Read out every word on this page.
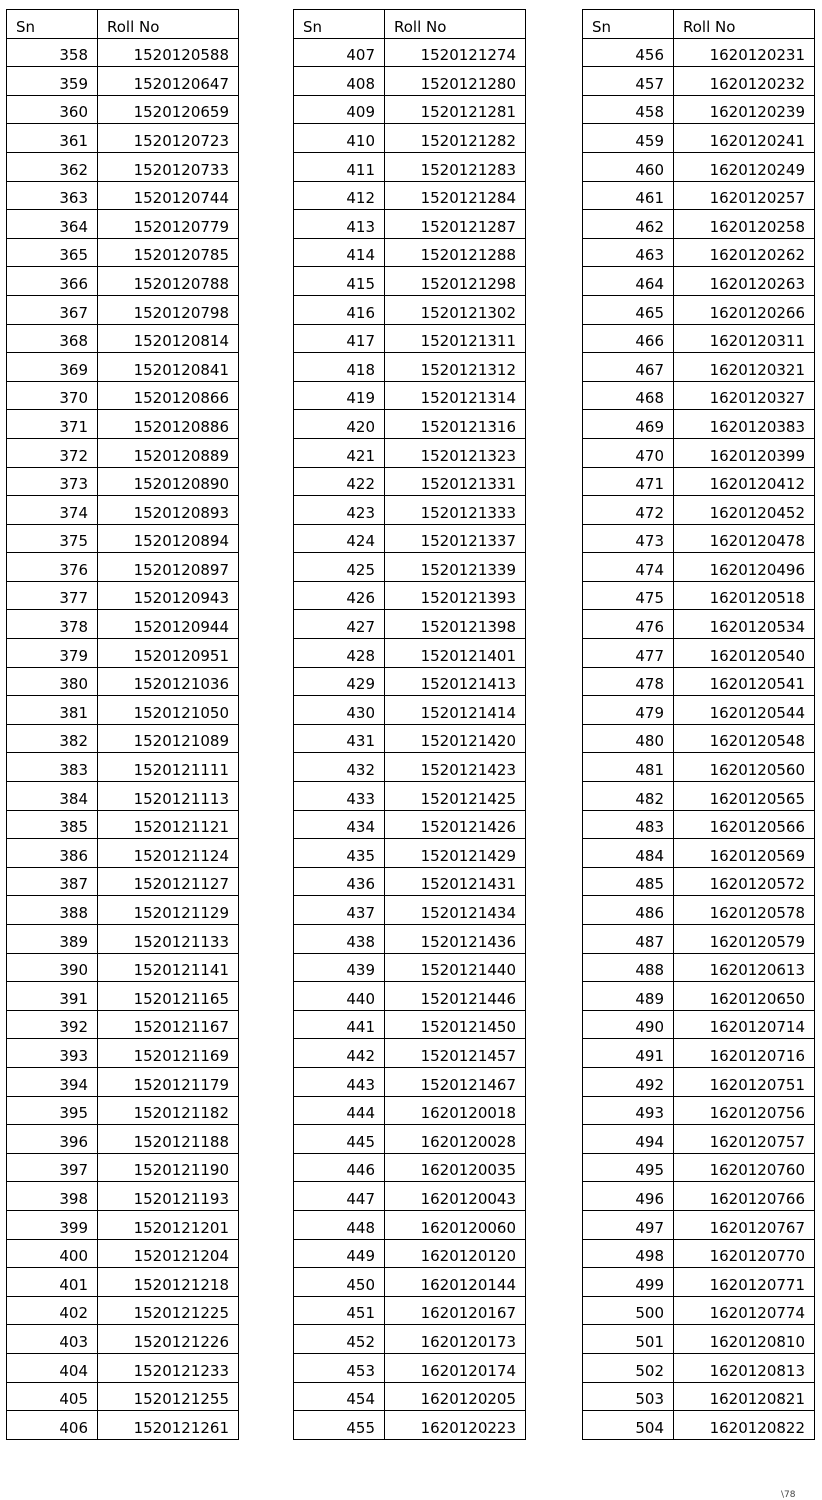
Sn	Roll No
358	1520120588
359	1520120647
360	1520120659
361	1520120723
362	1520120733
363	1520120744
364	1520120779
365	1520120785
366	1520120788
367	1520120798
368	1520120814
369	1520120841
370	1520120866
371	1520120886
372	1520120889
373	1520120890
374	1520120893
375	1520120894
376	1520120897
377	1520120943
378	1520120944
379	1520120951
380	1520121036
381	1520121050
382	1520121089
383	1520121111
384	1520121113
385	1520121121
386	1520121124
387	1520121127
388	1520121129
389	1520121133
390	1520121141
391	1520121165
392	1520121167
393	1520121169
394	1520121179
395	1520121182
396	1520121188
397	1520121190
398	1520121193
399	1520121201
400	1520121204
401	1520121218
402	1520121225
403	1520121226
404	1520121233
405	1520121255
406	1520121261
Sn	Roll No
407	1520121274
408	1520121280
409	1520121281
410	1520121282
411	1520121283
412	1520121284
413	1520121287
414	1520121288
415	1520121298
416	1520121302
417	1520121311
418	1520121312
419	1520121314
420	1520121316
421	1520121323
422	1520121331
423	1520121333
424	1520121337
425	1520121339
426	1520121393
427	1520121398
428	1520121401
429	1520121413
430	1520121414
431	1520121420
432	1520121423
433	1520121425
434	1520121426
435	1520121429
436	1520121431
437	1520121434
438	1520121436
439	1520121440
440	1520121446
441	1520121450
442	1520121457
443	1520121467
444	1620120018
445	1620120028
446	1620120035
447	1620120043
448	1620120060
449	1620120120
450	1620120144
451	1620120167
452	1620120173
453	1620120174
454	1620120205
455	1620120223
Sn	Roll No
456	1620120231
457	1620120232
458	1620120239
459	1620120241
460	1620120249
461	1620120257
462	1620120258
463	1620120262
464	1620120263
465	1620120266
466	1620120311
467	1620120321
468	1620120327
469	1620120383
470	1620120399
471	1620120412
472	1620120452
473	1620120478
474	1620120496
475	1620120518
476	1620120534
477	1620120540
478	1620120541
479	1620120544
480	1620120548
481	1620120560
482	1620120565
483	1620120566
484	1620120569
485	1620120572
486	1620120578
487	1620120579
488	1620120613
489	1620120650
490	1620120714
491	1620120716
492	1620120751
493	1620120756
494	1620120757
495	1620120760
496	1620120766
497	1620120767
498	1620120770
499	1620120771
500	1620120774
501	1620120810
502	1620120813
503	1620120821
504	1620120822
\78
